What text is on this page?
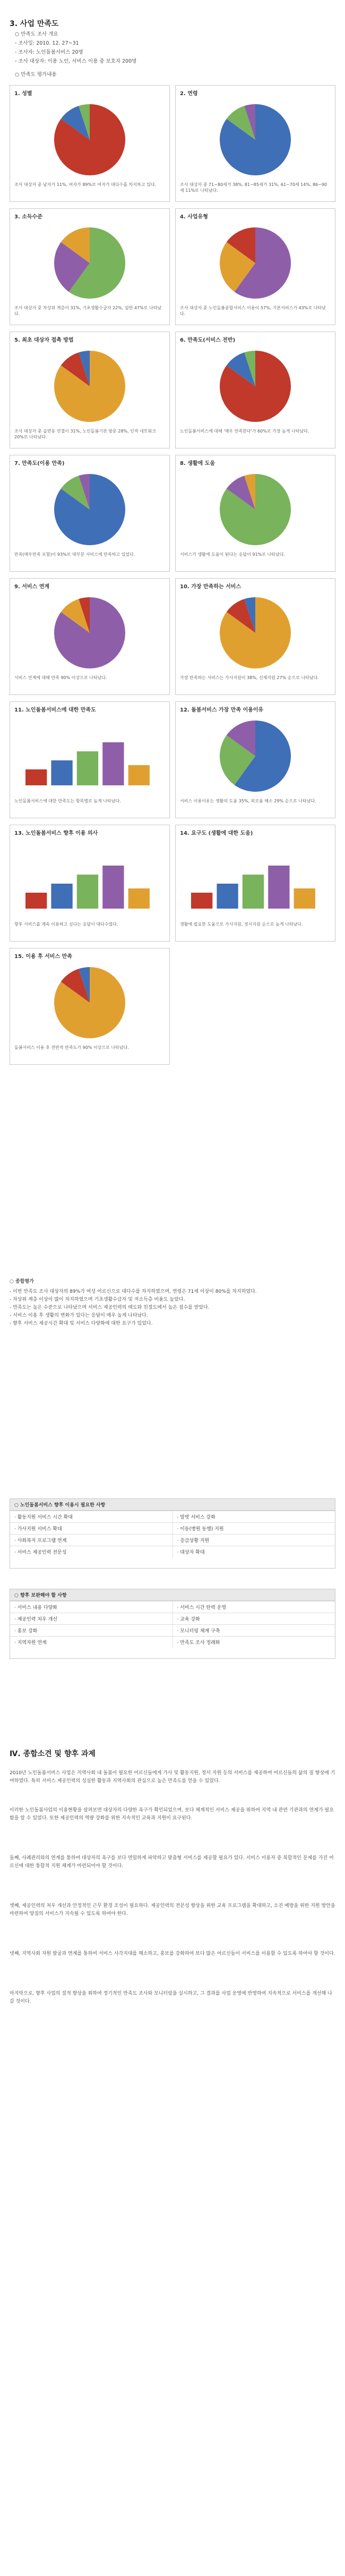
3. 사업 만족도
○ 만족도 조사 개요
- 조사일: 2010. 12. 27~31
- 조사자: 노인돌봄서비스 20명
- 조사 대상자: 이용 노인, 서비스 이용 중 보호자 200명
○ 만족도 평가내용
1. 성별
조사 대상자 중 남자가 11%, 여자가 89%로 여자가 대다수를 차지하고 있다.
2. 연령
조사 대상자 중 71~80세가 38%, 81~85세가 31%, 61~70세 14%, 86~90세 11%로 나타났다.
3. 소득수준
조사 대상자 중 차상위 계층이 31%, 기초생활수급자 22%, 일반 47%로 나타났다.
4. 사업유형
조사 대상자 중 노인돌봄종합서비스 이용이 57%, 기본서비스가 43%로 나타났다.
5. 최초 대상자 접촉 방법
조사 대상자 중 읍면동 연결이 31%, 노인돌봄기관 방문 28%, 인적 네트워크 20%로 나타났다.
6. 만족도(서비스 전반)
노인돌봄서비스에 대해 '매우 만족한다'가 60%로 가장 높게 나타났다.
7. 만족도(이용 만족)
만족(매우만족 포함)이 93%로 대부분 서비스에 만족하고 있었다.
8. 생활에 도움
서비스가 생활에 도움이 된다는 응답이 91%로 나타났다.
9. 서비스 연계
서비스 연계에 대해 만족 90% 이상으로 나타났다.
10. 가장 만족하는 서비스
가장 만족하는 서비스는 가사지원이 38%, 신체지원 27% 순으로 나타났다.
11. 노인돌봄서비스에 대한 만족도
노인돌봄서비스에 대한 만족도는 항목별로 높게 나타났다.
12. 돌봄서비스 가장 만족 이용이유
서비스 이용이유는 생활의 도움 35%, 외로움 해소 29% 순으로 나타났다.
13. 노인돌봄서비스 향후 이용 의사
향후 서비스를 계속 이용하고 싶다는 응답이 대다수였다.
14. 요구도 (생활에 대한 도움)
생활에 필요한 도움으로 가사지원, 정서지원 순으로 높게 나타났다.
15. 이용 후 서비스 만족
돌봄서비스 이용 후 전반적 만족도가 90% 이상으로 나타났다.
○ 종합평가
- 이번 만족도 조사 대상자의 89%가 여성 어르신으로 대다수를 차지하였으며, 연령은 71세 이상이 80%를 차지하였다.
- 차상위 계층 이상이 많이 차지하였으며 기초생활수급자 및 저소득층 비율도 높았다.
- 만족도는 높은 수준으로 나타났으며 서비스 제공인력의 태도와 친절도에서 높은 점수를 받았다.
- 서비스 이용 후 생활의 변화가 있다는 응답이 매우 높게 나타났다.
- 향후 서비스 제공시간 확대 및 서비스 다양화에 대한 요구가 있었다.
○ 노인돌봄서비스 향후 이용시 필요한 사항
· 활동지원 서비스 시간 확대	· 말벗 서비스 강화
· 가사지원 서비스 확대	· 이동(병원 동행) 지원
· 사회복지 프로그램 연계	· 응급상황 지원
· 서비스 제공인력 전문성	· 대상자 확대
○ 향후 보완해야 할 사항
· 서비스 내용 다양화	· 서비스 시간 탄력 운영
· 제공인력 처우 개선	· 교육 강화
· 홍보 강화	· 모니터링 체계 구축
· 지역자원 연계	· 만족도 조사 정례화
Ⅳ. 종합소견 및 향후 과제

2010년 노인돌봄서비스 사업은 지역사회 내 돌봄이 필요한 어르신들에게 가사 및 활동지원, 정서 지원 등의 서비스를 제공하여 어르신들의 삶의 질 향상에 기여하였다. 특히 서비스 제공인력의 성실한 활동과 지역사회의 관심으로 높은 만족도를 얻을 수 있었다.

이러한 노인돌봄사업의 이용현황을 살펴보면 대상자의 다양한 욕구가 확인되었으며, 보다 체계적인 서비스 제공을 위하여 지역 내 관련 기관과의 연계가 필요함을 알 수 있었다. 또한 제공인력의 역량 강화를 위한 지속적인 교육과 지원이 요구된다.

둘째, 사례관리와의 연계를 통하여 대상자의 욕구를 보다 면밀하게 파악하고 맞춤형 서비스를 제공할 필요가 있다. 서비스 이용자 중 복합적인 문제를 가진 어르신에 대한 통합적 지원 체계가 마련되어야 할 것이다.

셋째, 제공인력의 처우 개선과 안정적인 근무 환경 조성이 필요하다. 제공인력의 전문성 향상을 위한 교육 프로그램을 확대하고, 소진 예방을 위한 지원 방안을 마련하여 양질의 서비스가 지속될 수 있도록 하여야 한다.

넷째, 지역사회 자원 발굴과 연계를 통하여 서비스 사각지대를 해소하고, 홍보를 강화하여 보다 많은 어르신들이 서비스를 이용할 수 있도록 하여야 할 것이다.

마지막으로, 향후 사업의 질적 향상을 위하여 정기적인 만족도 조사와 모니터링을 실시하고, 그 결과를 사업 운영에 반영하여 지속적으로 서비스를 개선해 나갈 것이다.
